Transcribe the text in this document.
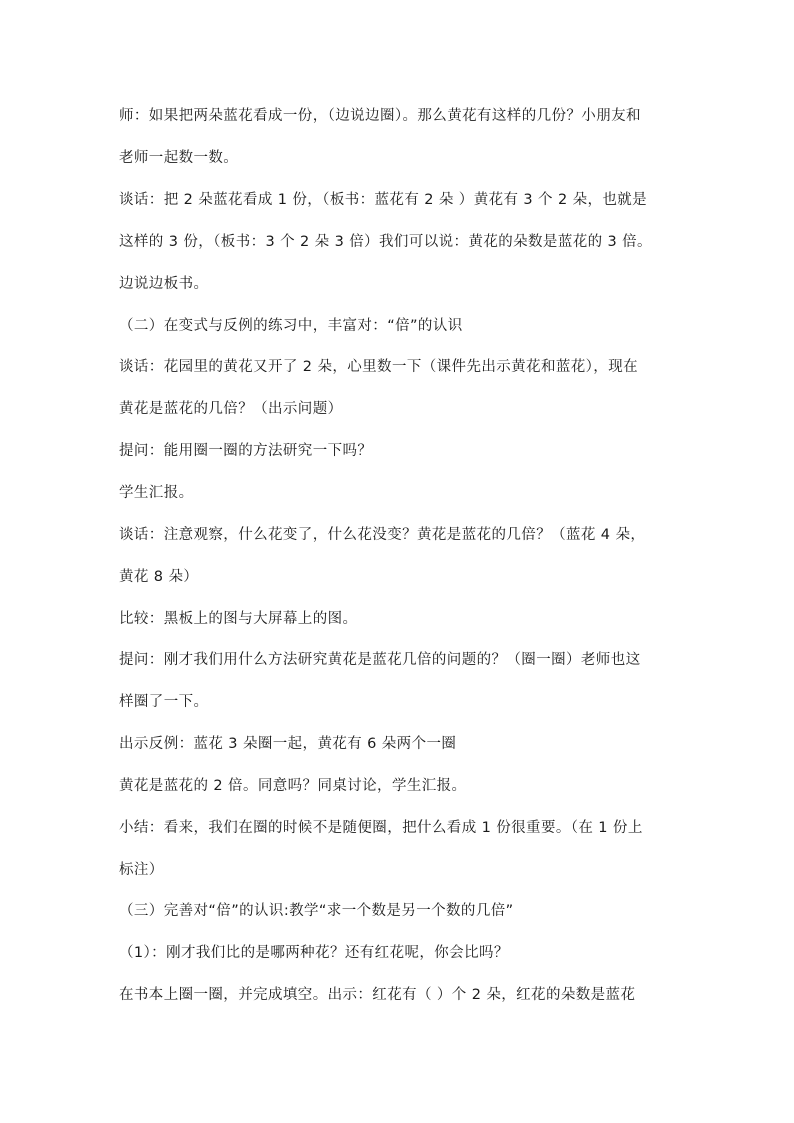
师：如果把两朵蓝花看成一份，（边说边圈）。那么黄花有这样的几份？小朋友和
老师一起数一数。
谈话：把 2 朵蓝花看成 1 份，（板书：蓝花有 2 朵 ）黄花有 3 个 2 朵，也就是
这样的 3 份，（板书：3 个 2 朵 3 倍）我们可以说：黄花的朵数是蓝花的 3 倍。
边说边板书。
（二）在变式与反例的练习中，丰富对：“倍”的认识
谈话：花园里的黄花又开了 2 朵，心里数一下（课件先出示黄花和蓝花），现在
黄花是蓝花的几倍？（出示问题）
提问：能用圈一圈的方法研究一下吗？
学生汇报。
谈话：注意观察，什么花变了，什么花没变？黄花是蓝花的几倍？（蓝花 4 朵，
黄花 8 朵）
比较：黑板上的图与大屏幕上的图。
提问：刚才我们用什么方法研究黄花是蓝花几倍的问题的？（圈一圈）老师也这
样圈了一下。
出示反例：蓝花 3 朵圈一起，黄花有 6 朵两个一圈
黄花是蓝花的 2 倍。同意吗？同桌讨论，学生汇报。
小结：看来，我们在圈的时候不是随便圈，把什么看成 1 份很重要。（在 1 份上
标注）
（三）完善对“倍”的认识:教学“求一个数是另一个数的几倍”
（1）：刚才我们比的是哪两种花？还有红花呢，你会比吗？
在书本上圈一圈，并完成填空。出示：红花有（ ）个 2 朵，红花的朵数是蓝花
